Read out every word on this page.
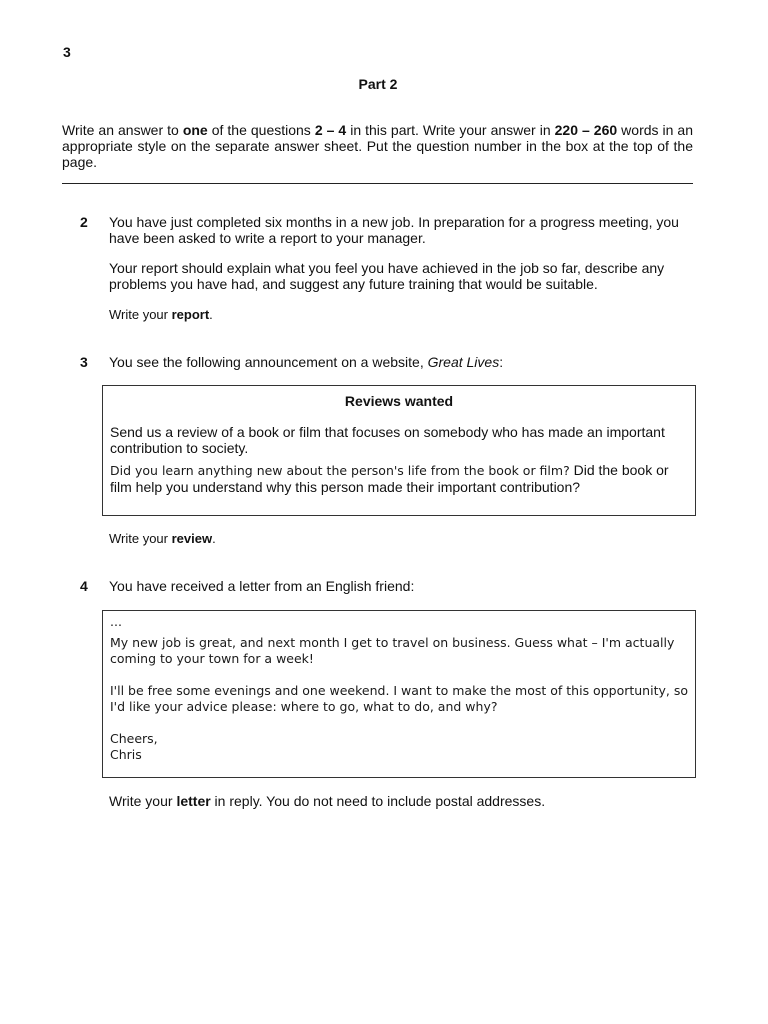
3
Part 2
Write an answer to one of the questions 2 – 4 in this part. Write your answer in 220 – 260 words in an appropriate style on the separate answer sheet. Put the question number in the box at the top of the page.
2 You have just completed six months in a new job. In preparation for a progress meeting, you have been asked to write a report to your manager.
Your report should explain what you feel you have achieved in the job so far, describe any problems you have had, and suggest any future training that would be suitable.
Write your report.
3 You see the following announcement on a website, Great Lives:
Reviews wanted
Send us a review of a book or film that focuses on somebody who has made an important contribution to society.
Did you learn anything new about the person's life from the book or film? Did the book or film help you understand why this person made their important contribution?
Write your review.
4 You have received a letter from an English friend:
...
My new job is great, and next month I get to travel on business. Guess what – I'm actually coming to your town for a week!
I'll be free some evenings and one weekend. I want to make the most of this opportunity, so I'd like your advice please: where to go, what to do, and why?
Cheers,
Chris
Write your letter in reply. You do not need to include postal addresses.
